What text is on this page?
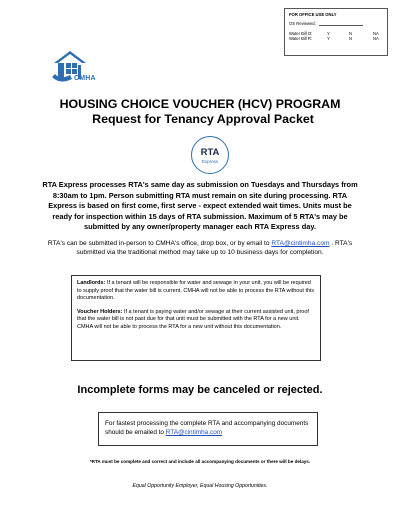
FOR OFFICE USE ONLY
OS Reviewed:
Water Bill O:	Y	N	NA
Water Bill R:	Y	N	NA
CMHA
HOUSING CHOICE VOUCHER (HCV) PROGRAM
Request for Tenancy Approval Packet
RTA
Express
RTA Express processes RTA's same day as submission on Tuesdays and Thursdays from 8:30am to 1pm. Person submitting RTA must remain on site during processing. RTA Express is based on first come, first serve - expect extended wait times. Units must be ready for inspection within 15 days of RTA submission. Maximum of 5 RTA's may be submitted by any owner/property manager each RTA Express day.
RTA's can be submitted in-person to CMHA's office, drop box, or by email to RTA@cintimha.com . RTA's submitted via the traditional method may take up to 10 business days for completion.
Landlords: If a tenant will be responsible for water and sewage in your unit, you will be required to supply proof that the water bill is current. CMHA will not be able to process the RTA without this documentation.
Voucher Holders: If a tenant is paying water and/or sewage at their current assisted unit, proof that the water bill is not past due for that unit must be submitted with the RTA for a new unit. CMHA will not be able to process the RTA for a new unit without this documentation.
Incomplete forms may be canceled or rejected.
For fastest processing the complete RTA and accompanying documents should be emailed to RTA@cintimha.com
*RTA must be complete and correct and include all accompanying documents or there will be delays.
Equal Opportunity Employer, Equal Housing Opportunities.
